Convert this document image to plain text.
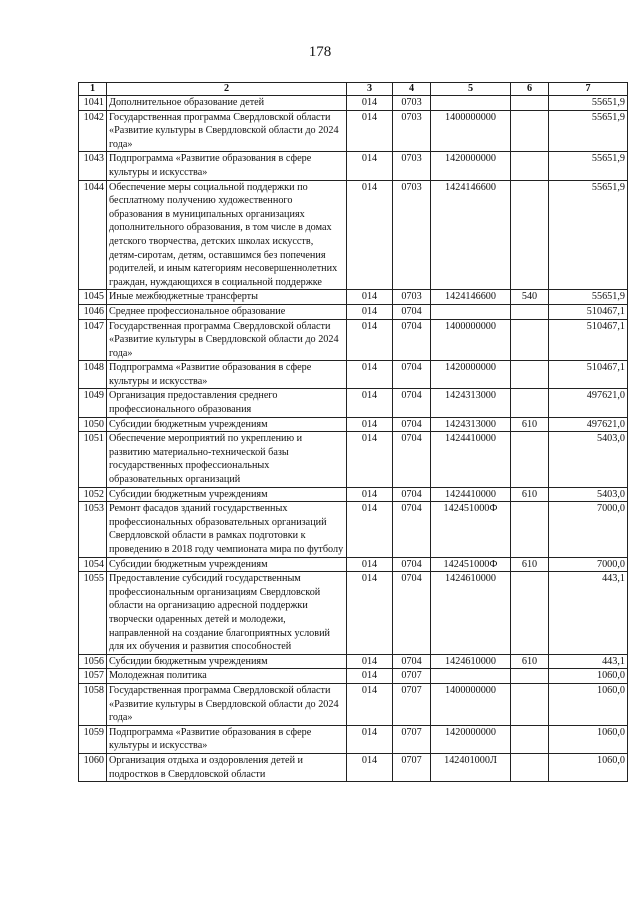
178
1	2	3	4	5	6	7
1041	Дополнительное образование детей	014	0703			55651,9
1042	Государственная программа Свердловской области «Развитие культуры в Свердловской области до 2024 года»	014	0703	1400000000		55651,9
1043	Подпрограмма «Развитие образования в сфере культуры и искусства»	014	0703	1420000000		55651,9
1044	Обеспечение меры социальной поддержки по бесплатному получению художественного образования в муниципальных организациях дополнительного образования, в том числе в домах детского творчества, детских школах искусств, детям-сиротам, детям, оставшимся без попечения родителей, и иным категориям несовершеннолетних граждан, нуждающихся в социальной поддержке	014	0703	1424146600		55651,9
1045	Иные межбюджетные трансферты	014	0703	1424146600	540	55651,9
1046	Среднее профессиональное образование	014	0704			510467,1
1047	Государственная программа Свердловской области «Развитие культуры в Свердловской области до 2024 года»	014	0704	1400000000		510467,1
1048	Подпрограмма «Развитие образования в сфере культуры и искусства»	014	0704	1420000000		510467,1
1049	Организация предоставления среднего профессионального образования	014	0704	1424313000		497621,0
1050	Субсидии бюджетным учреждениям	014	0704	1424313000	610	497621,0
1051	Обеспечение мероприятий по укреплению и развитию материально-технической базы государственных профессиональных образовательных организаций	014	0704	1424410000		5403,0
1052	Субсидии бюджетным учреждениям	014	0704	1424410000	610	5403,0
1053	Ремонт фасадов зданий государственных профессиональных образовательных организаций Свердловской области в рамках подготовки к проведению в 2018 году чемпионата мира по футболу	014	0704	142451000Ф		7000,0
1054	Субсидии бюджетным учреждениям	014	0704	142451000Ф	610	7000,0
1055	Предоставление субсидий государственным профессиональным организациям Свердловской области на организацию адресной поддержки творчески одаренных детей и молодежи, направленной на создание благоприятных условий для их обучения и развития способностей	014	0704	1424610000		443,1
1056	Субсидии бюджетным учреждениям	014	0704	1424610000	610	443,1
1057	Молодежная политика	014	0707			1060,0
1058	Государственная программа Свердловской области «Развитие культуры в Свердловской области до 2024 года»	014	0707	1400000000		1060,0
1059	Подпрограмма «Развитие образования в сфере культуры и искусства»	014	0707	1420000000		1060,0
1060	Организация отдыха и оздоровления детей и подростков в Свердловской области	014	0707	142401000Л		1060,0
